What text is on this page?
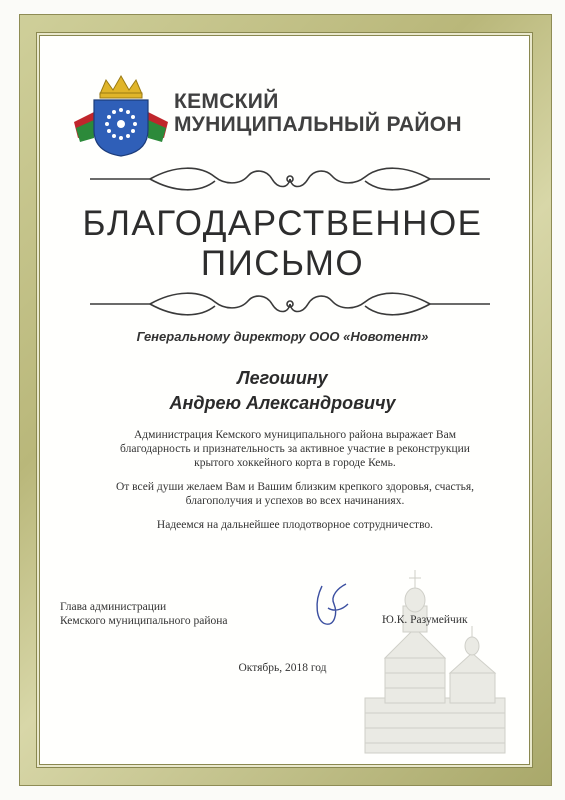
КЕМСКИЙ
МУНИЦИПАЛЬНЫЙ РАЙОН
БЛАГОДАРСТВЕННОЕ
ПИСЬМО
Генеральному директору ООО «Новотент»
Легошину
Андрею Александровичу

Администрация Кемского муниципального района выражает Вам
благодарность и признательность за активное участие в реконструкции
крытого хоккейного корта в городе Кемь.

От всей души желаем Вам и Вашим близким крепкого здоровья, счастья,
благополучия и успехов во всех начинаниях.

Надеемся на дальнейшее плодотворное сотрудничество.

Глава администрации
Кемского муниципального района	Ю.К. Разумейчик
Октябрь, 2018 год
